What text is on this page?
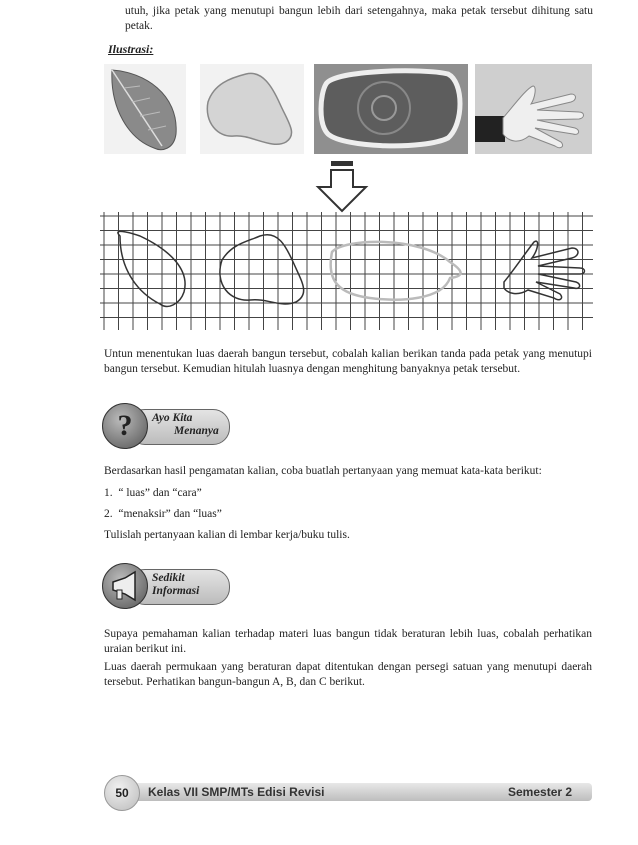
utuh, jika petak yang menutupi bangun lebih dari setengahnya, maka petak tersebut dihitung satu petak.
Ilustrasi:
Untun menentukan luas daerah bangun tersebut, cobalah kalian berikan tanda pada petak yang menutupi bangun tersebut. Kemudian hitulah luasnya dengan menghitung banyaknya petak tersebut.
?	Ayo Kita
Menanya
Berdasarkan hasil pengamatan kalian, coba buatlah pertanyaan yang memuat kata-kata berikut:
1. “ luas” dan “cara”
2. “menaksir” dan “luas”
Tulislah pertanyaan kalian di lembar kerja/buku tulis.
Sedikit
Informasi
Supaya pemahaman kalian terhadap materi luas bangun tidak beraturan lebih luas, cobalah perhatikan uraian berikut ini.
Luas daerah permukaan yang beraturan dapat ditentukan dengan persegi satuan yang menutupi daerah tersebut. Perhatikan bangun-bangun A, B, dan C berikut.
50	Kelas VII SMP/MTs Edisi Revisi	Semester 2
